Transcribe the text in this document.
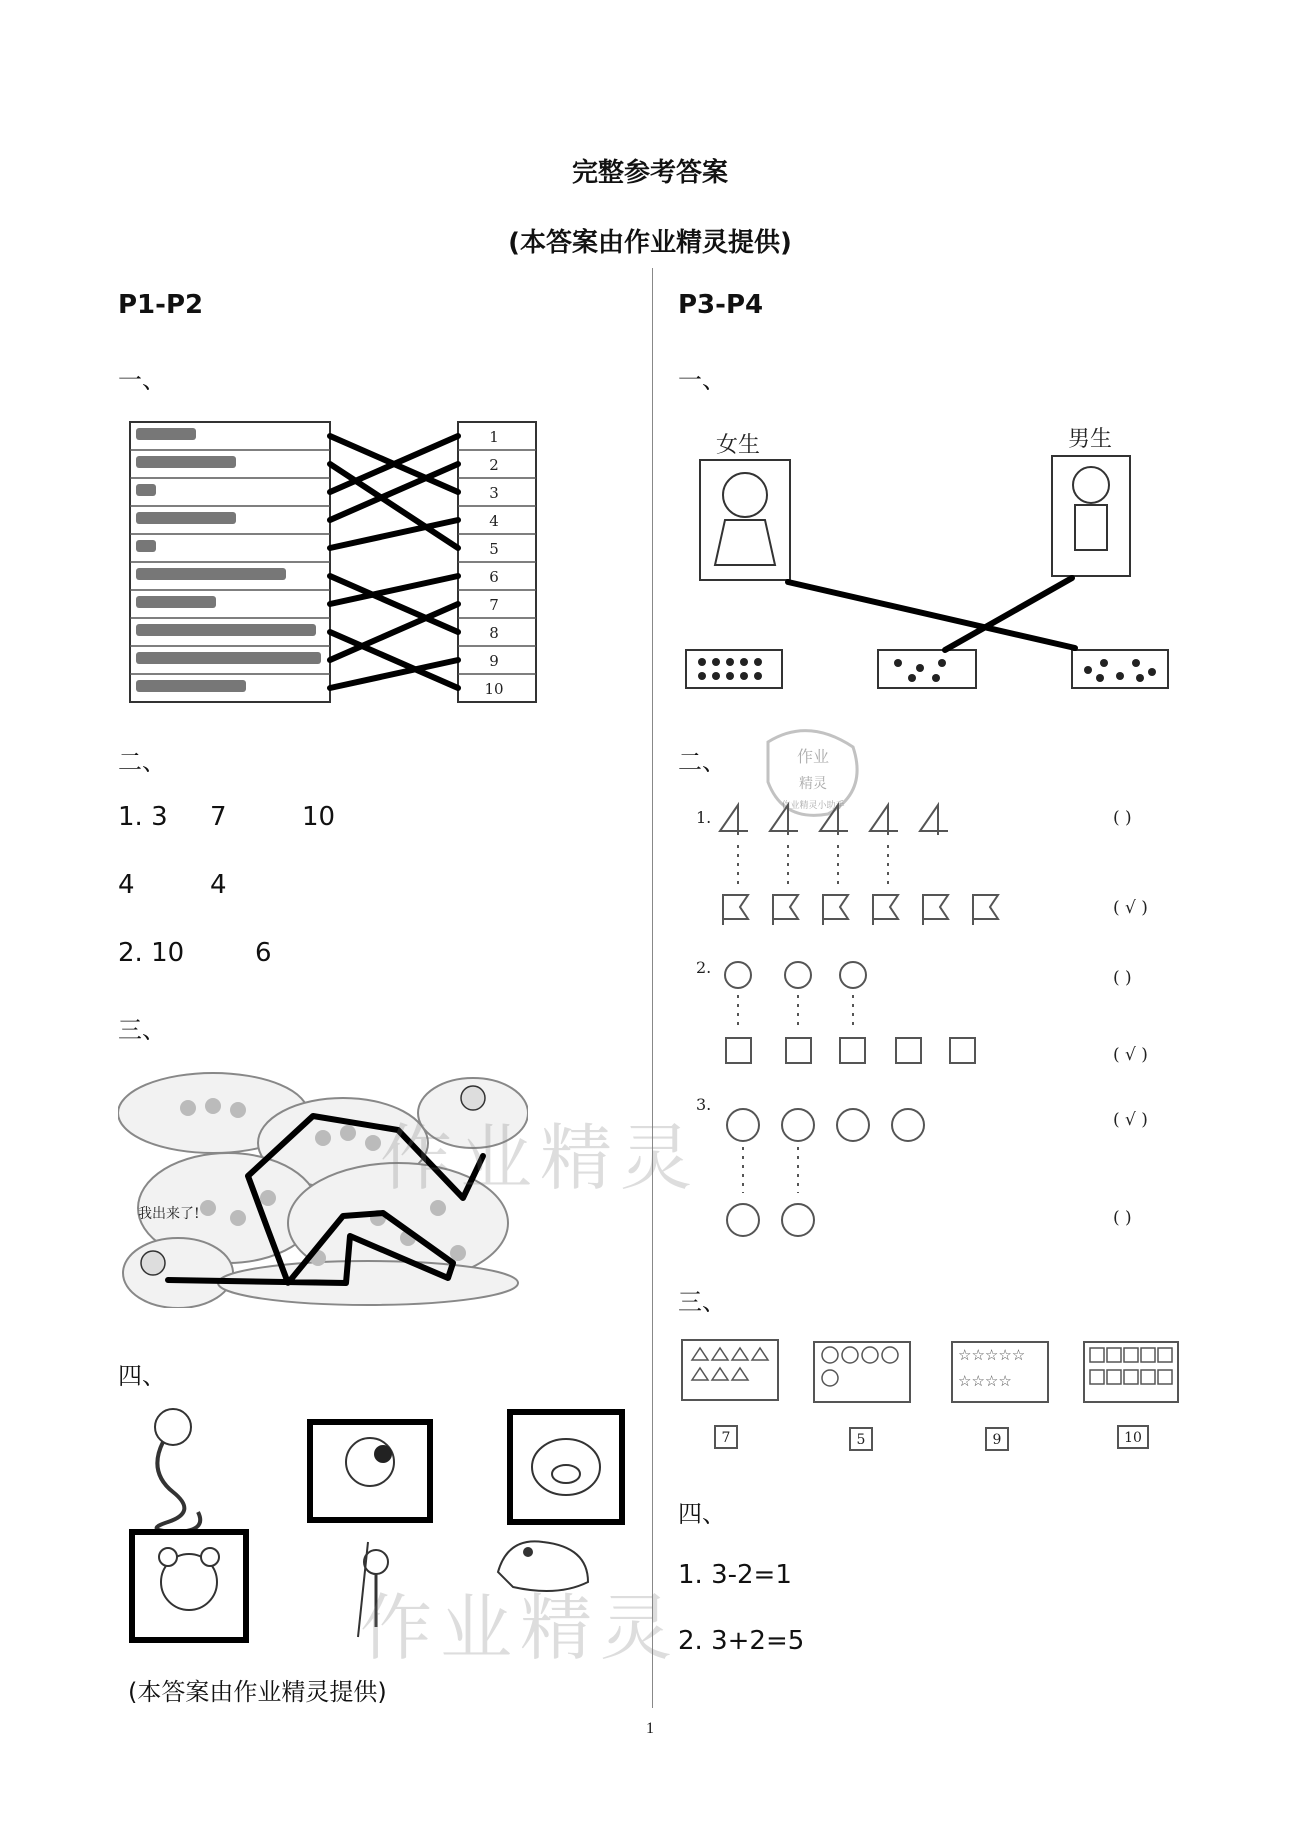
完整参考答案
(本答案由作业精灵提供)
P1-P2
一、
1
2
3
4
5
6
7
8
9
10
二、
1. 3 7	10
4	4
2. 10	6
三、
我出来了!
四、
(本答案由作业精灵提供)
P3-P4
一、
女生	男生
二、	作业
精灵
作业精灵小助手
1.
2.
3.
( )
( √ )
( )
( √ )
( √ )
( )
三、
☆☆☆☆☆
☆☆☆☆
7	5	9	10
四、
1. 3-2=1
2. 3+2=5
作业精灵
作业精灵
1
